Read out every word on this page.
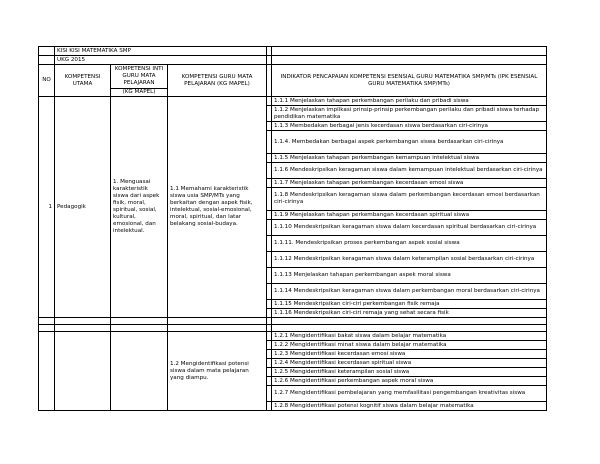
	KISI KISI MATEMATIKA SMP				
	UKG 2015				
NO	KOMPETENSI UTAMA	KOMPETENSI INTI GURU MATA PELAJARAN	KOMPETENSI GURU MATA PELAJARAN (KG MAPEL)		INDIKATOR PENCAPAIAN KOMPETENSI ESENSIAL GURU MATEMATIKA SMP/MTs (IPK ESENSIAL GURU MATEMATIKA SMP/MTs)
		(KG MAPEL)			
1	Pedagogik	1. Menguasai karakteristik siswa dari aspek fisik, moral, spiritual, sosial, kultural, emosional, dan intelektual.	1.1 Memahami karakteristik siswa usia SMP/MTs yang berkaitan dengan aspek fisik, intelektual, sosial-emosional, moral, spiritual, dan latar belakang sosial-budaya.		1.1.1 Menjelaskan tahapan perkembangan perilaku dan pribadi siswa
					1.1.2 Menjelaskan implikasi prinsip-prinsip perkembangan perilaku dan pribadi siswa terhadap pendidikan matematika
					1.1.3 Membedakan berbagai jenis kecerdasan siswa berdasarkan ciri-cirinya
					1.1.4. Membedakan berbagai aspek perkembangan siswa berdasarkan ciri-cirinya
					1.1.5 Menjelaskan tahapan perkembangan kemampuan intelektual siswa
					1.1.6 Mendeskripsikan keragaman siswa dalam kemampuan intelektual berdasarkan ciri-cirinya
					1.1.7 Menjelaskan tahapan perkembangan kecerdasan emosi siswa
					1.1.8 Mendeskripsikan keragaman siswa dalam perkembangan kecerdasan emosi berdasarkan ciri-cirinya
					1.1.9 Menjelaskan tahapan perkembangan kecerdasan spiritual siswa
					1.1.10 Mendeskripsikan keragaman siswa dalam kecerdasan spiritual berdasarkan ciri-cirinya
					1.1.11. Mendeskripsikan proses perkembangan aspek sosial siswa
					1.1.12 Mendeskripsikan keragaman siswa dalam keterampilan sosial berdasarkan ciri-cirinya
					1.1.13 Menjelaskan tahapan perkembangan aspek moral siswa
					1.1.14 Mendeskripsikan keragaman siswa dalam perkembangan moral berdasarkan ciri-cirinya
					1.1.15 Mendeskripsikan ciri-ciri perkembangan fisik remaja
					1.1.16 Mendeskripsikan ciri-ciri remaja yang sehat secara fisik

			1.2 Mengidentifikasi potensi siswa dalam mata pelajaran yang diampu.		1.2.1 Mengidentifikasi bakat siswa dalam belajar matematika
					1.2.2 Mengidentifikasi minat siswa dalam belajar matematika
					1.2.3 Mengidentifikasi kecerdasan emosi siswa
					1.2.4 Mengidentifikasi kecerdasan spiritual siswa
					1.2.5 Mengidentifikasi keterampilan sosial siswa
					1.2.6 Mengidentifikasi perkembangan aspek moral siswa
					1.2.7 Mengidentifikasi pembelajaran yang memfasilitasi pengembangan kreativitas siswa
					1.2.8 Mengidentifikasi potensi kognitif siswa dalam belajar matematika
